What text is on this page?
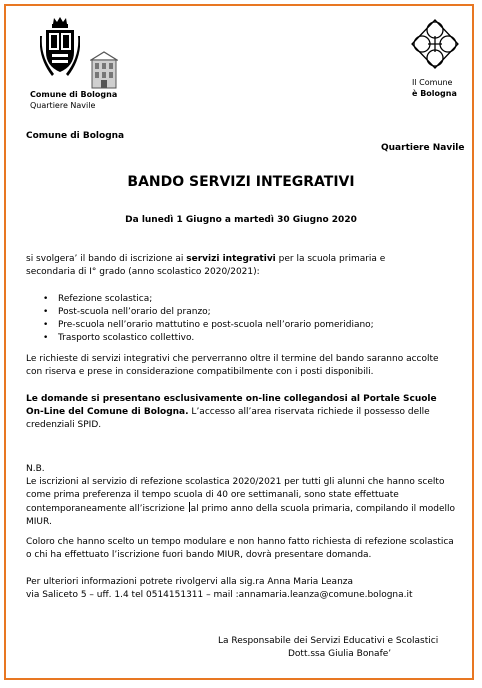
Comune di Bologna
Quartiere Navile
Il Comune
è Bologna
Comune di Bologna
Quartiere Navile
BANDO SERVIZI INTEGRATIVI
Da lunedì 1 Giugno a martedì 30 Giugno 2020
si svolgera’ il bando di iscrizione ai servizi integrativi per la scuola primaria e secondaria di I° grado (anno scolastico 2020/2021):
• Refezione scolastica;
• Post-scuola nell’orario del pranzo;
• Pre-scuola nell’orario mattutino e post-scuola nell’orario pomeridiano;
• Trasporto scolastico collettivo.
Le richieste di servizi integrativi che perverranno oltre il termine del bando saranno accolte con riserva e prese in considerazione compatibilmente con i posti disponibili.
Le domande si presentano esclusivamente on-line collegandosi al Portale Scuole On-Line del Comune di Bologna. L’accesso all’area riservata richiede il possesso delle credenziali SPID.
N.B.
Le iscrizioni al servizio di refezione scolastica 2020/2021 per tutti gli alunni che hanno scelto come prima preferenza il tempo scuola di 40 ore settimanali, sono state effettuate contemporaneamente all’iscrizione al primo anno della scuola primaria, compilando il modello MIUR.
Coloro che hanno scelto un tempo modulare e non hanno fatto richiesta di refezione scolastica o chi ha effettuato l’iscrizione fuori bando MIUR, dovrà presentare domanda.
Per ulteriori informazioni potrete rivolgervi alla sig.ra Anna Maria Leanza
via Saliceto 5 – uff. 1.4 tel 0514151311 – mail :annamaria.leanza@comune.bologna.it
La Responsabile dei Servizi Educativi e Scolastici
Dott.ssa Giulia Bonafe’
